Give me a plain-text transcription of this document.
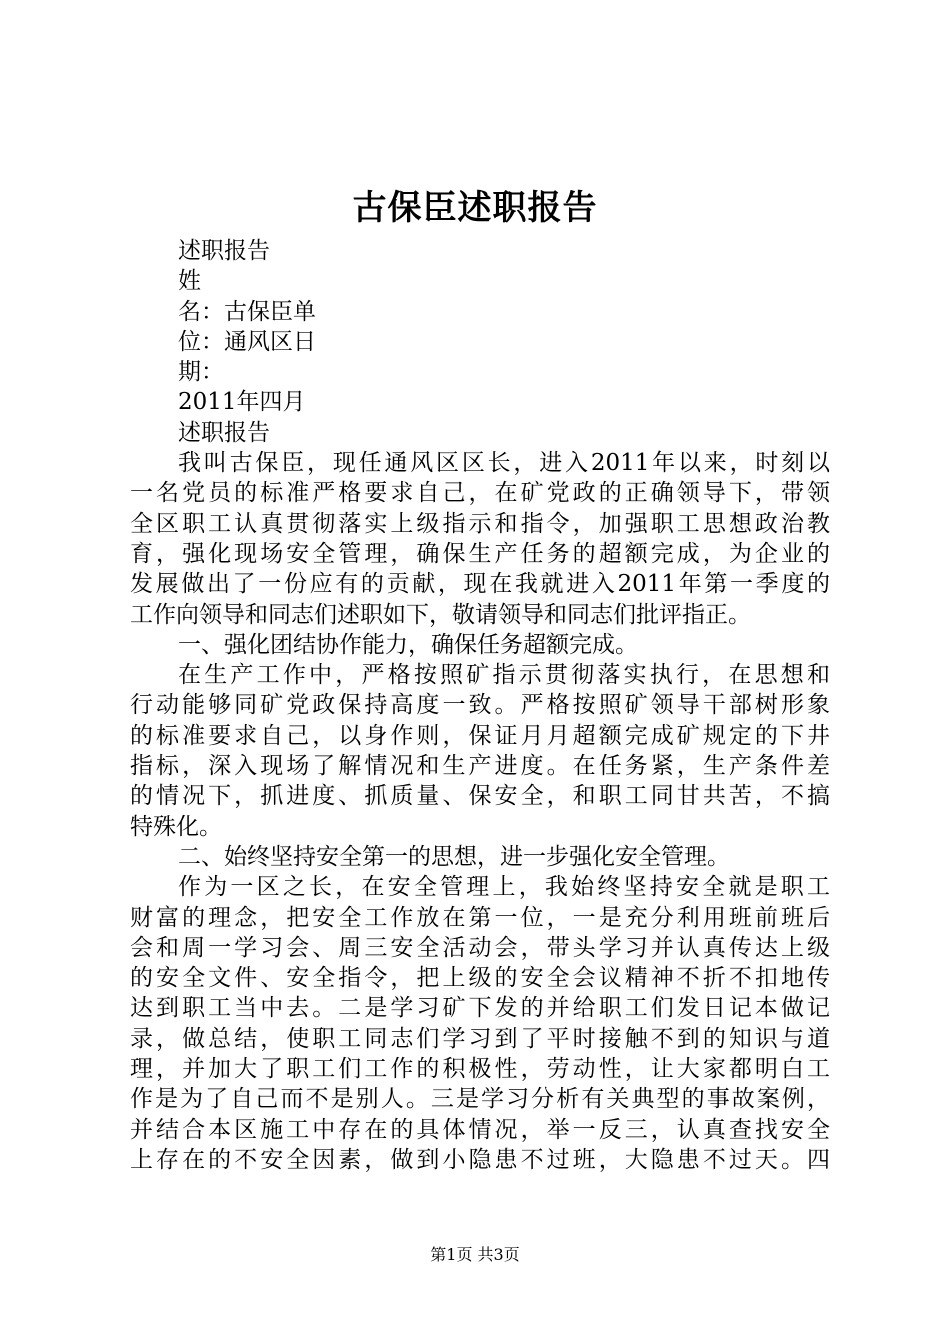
古保臣述职报告
述职报告
姓
名：古保臣单
位：通风区日
期：
2011年四月
述职报告
我叫古保臣，现任通风区区长，进入2011年以来，时刻以
一名党员的标准严格要求自己，在矿党政的正确领导下，带领
全区职工认真贯彻落实上级指示和指令，加强职工思想政治教
育，强化现场安全管理，确保生产任务的超额完成，为企业的
发展做出了一份应有的贡献，现在我就进入2011年第一季度的
工作向领导和同志们述职如下，敬请领导和同志们批评指正。
一、强化团结协作能力，确保任务超额完成。
在生产工作中，严格按照矿指示贯彻落实执行，在思想和
行动能够同矿党政保持高度一致。严格按照矿领导干部树形象
的标准要求自己，以身作则，保证月月超额完成矿规定的下井
指标，深入现场了解情况和生产进度。在任务紧，生产条件差
的情况下，抓进度、抓质量、保安全，和职工同甘共苦，不搞
特殊化。
二、始终坚持安全第一的思想，进一步强化安全管理。
作为一区之长，在安全管理上，我始终坚持安全就是职工
财富的理念，把安全工作放在第一位，一是充分利用班前班后
会和周一学习会、周三安全活动会，带头学习并认真传达上级
的安全文件、安全指令，把上级的安全会议精神不折不扣地传
达到职工当中去。二是学习矿下发的并给职工们发日记本做记
录，做总结，使职工同志们学习到了平时接触不到的知识与道
理，并加大了职工们工作的积极性，劳动性，让大家都明白工
作是为了自己而不是别人。三是学习分析有关典型的事故案例，
并结合本区施工中存在的具体情况，举一反三，认真查找安全
上存在的不安全因素，做到小隐患不过班，大隐患不过天。四
第1页 共3页
